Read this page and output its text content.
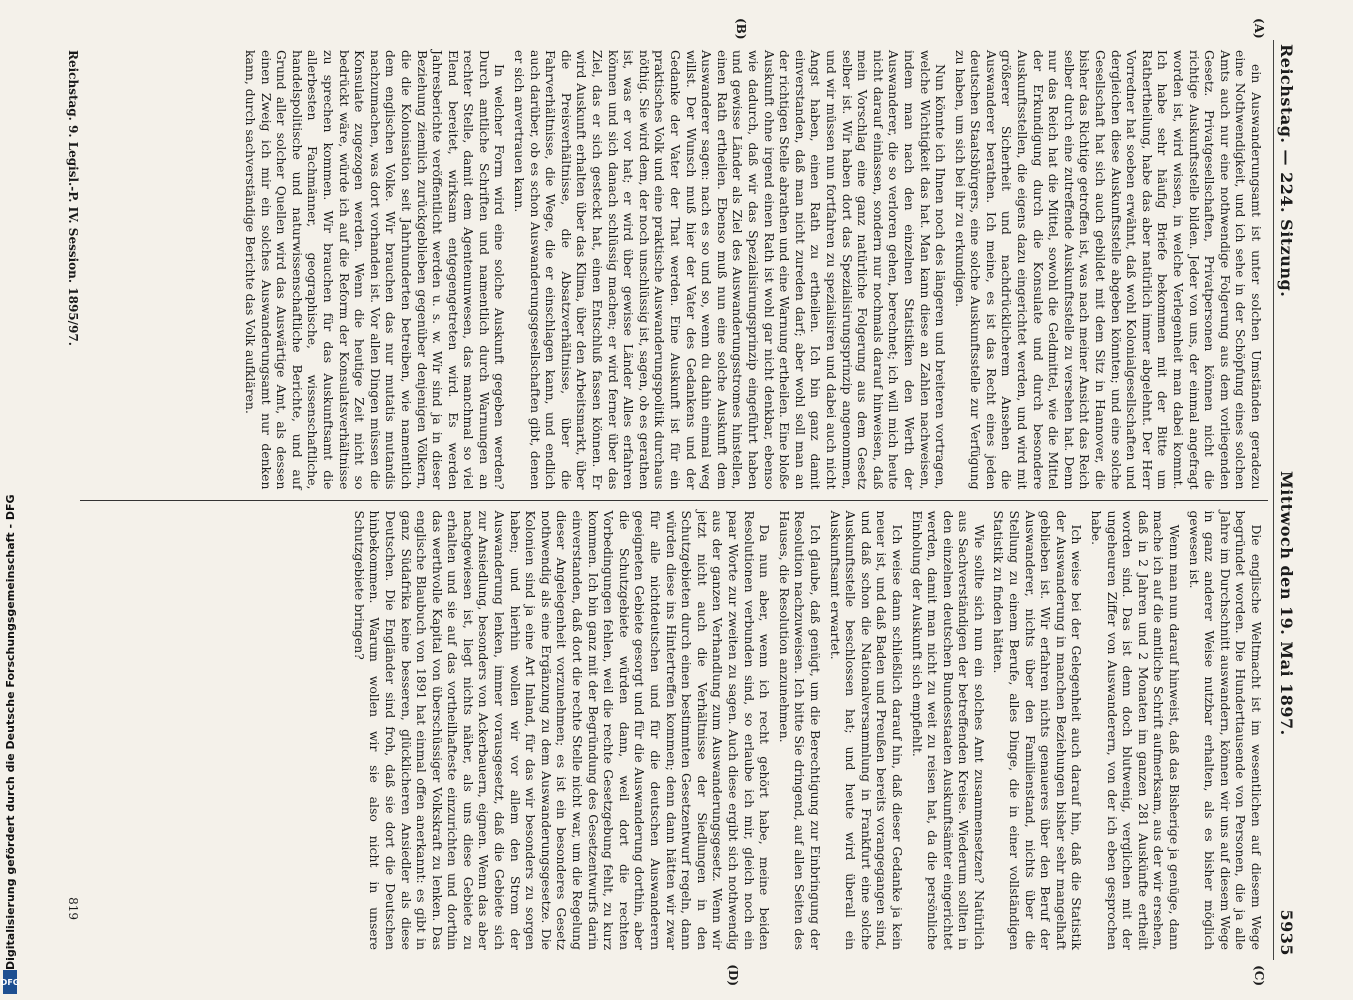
Reichstag. — 224. Sitzung.
Mittwoch den 19. Mai 1897.
5935
(A)
(B)

ein Auswanderungsamt ist unter solchen Umständen geradezu eine Nothwendigkeit, und ich sehe in der Schöpfung eines solchen Amts auch nur eine nothwendige Folgerung aus dem vorliegenden Gesetz. Privatgesellschaften, Privatpersonen können nicht die richtige Auskunftsstelle bilden. Jeder von uns, der einmal angefragt worden ist, wird wissen, in welche Verlegenheit man dabei kommt. Ich habe sehr häufig Briefe bekommen mit der Bitte um Rathertheilung, habe das aber natürlich immer abgelehnt. Der Herr Vorredner hat soeben erwähnt, daß wohl Kolonialgesellschaften und dergleichen diese Auskunftsstelle abgeben könnten; und eine solche Gesellschaft hat sich auch gebildet mit dem Sitz in Hannover, die bisher das Richtige getroffen ist, was nach meiner Ansicht das Reich selber durch eine zutreffende Auskunftsstelle zu versehen hat. Denn nur das Reich hat die Mittel, sowohl die Geldmittel, wie die Mittel der Erkundigung durch die Konsulate und durch besondere Auskunftsstellen, die eigens dazu eingerichtet werden, und wird mit größerer Sicherheit und nachdrücklicherem Ansehen die Auswanderer berathen. Ich meine, es ist das Recht eines jeden deutschen Staatsbürgers, eine solche Auskunftsstelle zur Verfügung zu haben, um sich bei ihr zu erkundigen.

Nun könnte ich Ihnen noch des längeren und breiteren vortragen, welche Wichtigkeit das hat. Man kann diese an Zahlen nachweisen, indem man nach den einzelnen Statistiken den Werth der Auswanderer, die so verloren gehen, berechnet; ich will mich heute nicht darauf einlassen, sondern nur nochmals darauf hinweisen, daß mein Vorschlag eine ganz natürliche Folgerung aus dem Gesetz selber ist. Wir haben dort das Spezialisirungsprinzip angenommen, und wir müssen nun fortfahren zu spezialisiren und dabei auch nicht Angst haben, einen Rath zu ertheilen. Ich bin ganz damit einverstanden, daß man nicht zureden darf; aber wohl soll man an der richtigen Stelle abrathen und eine Warnung ertheilen. Eine bloße Auskunft ohne irgend einen Rath ist wohl gar nicht denkbar, ebenso wie dadurch, daß wir das Spezialisirungsprinzip eingeführt haben und gewisse Länder als Ziel des Auswanderungsstromes hinstellen, einen Rath ertheilen. Ebenso muß nun eine solche Auskunft dem Auswanderer sagen: nach es so und so, wenn du dahin einmal weg willst. Der Wunsch muß hier der Vater des Gedankens und der Gedanke der Vater der That werden. Eine Auskunft ist für ein praktisches Volk und eine praktische Auswanderungspolitik durchaus nöthig. Sie wird dem, der noch unschlüssig ist, sagen, ob es gerathen ist, was er vor hat; er wird über gewisse Länder Alles erfahren können und sich danach schlüssig machen; er wird ferner über das Ziel, das er sich gesteckt hat, einen Entschluß fassen können. Er wird Auskunft erhalten über das Klima, über den Arbeitsmarkt, über die Preisverhältnisse, die Absatzverhältnisse, über die Fahrverhältnisse, die Wege, die er einschlagen kann, und endlich auch darüber, ob es schon Auswanderungsgesellschaften gibt, denen er sich anvertrauen kann.

In welcher Form wird eine solche Auskunft gegeben werden? Durch amtliche Schriften und namentlich durch Warnungen an rechter Stelle, damit dem Agentenunwesen, das manchmal so viel Elend bereitet, wirksam entgegengetreten wird. Es werden Jahresberichte veröffentlicht werden u. s. w. Wir sind ja in dieser Beziehung ziemlich zurückgeblieben gegenüber denjenigen Völkern, die die Kolonisation seit Jahrhunderten betreiben, wie namentlich dem englischen Volke. Wir brauchen das nur mutatis mutandis nachzumachen, was dort vorhanden ist. Vor allen Dingen müssen die Konsulate zugezogen werden. Wenn die heutige Zeit nicht so bedrückt wäre, würde ich auf die Reform der Konsulatsverhältnisse zu sprechen kommen. Wir brauchen für das Auskunftsamt die allerbesten Fachmänner, geographische, wissenschaftliche, handelspolitische und naturwissenschaftliche Berichte, und auf Grund aller solcher Quellen wird das Auswärtige Amt, als dessen einen Zweig ich mir ein solches Auswanderungsamt nur denken kann, durch sachverständige Berichte das Volk aufklären.

Die englische Weltmacht ist im wesentlichen auf diesem Wege begründet worden. Die Hunderttausende von Personen, die ja alle Jahre im Durchschnitt auswandern, können wir uns auf diesem Wege in ganz anderer Weise nutzbar erhalten, als es bisher möglich gewesen ist.

Wenn man nun darauf hinweist, daß das Bisherige ja genüge, dann mache ich auf die amtliche Schrift aufmerksam, aus der wir ersehen, daß in 2 Jahren und 2 Monaten im ganzen 281 Auskünfte ertheilt worden sind. Das ist denn doch blutwenig, verglichen mit der ungeheuren Ziffer von Auswanderern, von der ich eben gesprochen habe.

Ich weise bei der Gelegenheit auch darauf hin, daß die Statistik der Auswanderung in manchen Beziehungen bisher sehr mangelhaft geblieben ist. Wir erfahren nichts genaueres über den Beruf der Auswanderer, nichts über den Familienstand, nichts über die Stellung zu einem Berufe, alles Dinge, die in einer vollständigen Statistik zu finden hätten.

Wie sollte sich nun ein solches Amt zusammensetzen? Natürlich aus Sachverständigen der betreffenden Kreise. Wiederum sollten in den einzelnen deutschen Bundesstaaten Auskunftsämter eingerichtet werden, damit man nicht zu weit zu reisen hat, da die persönliche Einholung der Auskunft sich empfiehlt.

Ich weise dann schließlich darauf hin, daß dieser Gedanke ja kein neuer ist, und daß Baden und Preußen bereits vorangegangen sind, und daß schon die Nationalversammlung in Frankfurt eine solche Auskunftsstelle beschlossen hat; und heute wird überall ein Auskunftsamt erwartet.

Ich glaube, daß genügt, um die Berechtigung zur Einbringung der Resolution nachzuweisen. Ich bitte Sie dringend, auf allen Seiten des Hauses, die Resolution anzunehmen.

Da nun aber, wenn ich recht gehört habe, meine beiden Resolutionen verbunden sind, so erlaube ich mir, gleich noch ein paar Worte zur zweiten zu sagen. Auch diese ergibt sich nothwendig aus der ganzen Verhandlung zum Auswanderungsgesetz. Wenn wir jetzt nicht auch die Verhältnisse der Siedlungen in den Schutzgebieten durch einen bestimmten Gesetzentwurf regeln, dann würden diese ins Hintertreffen kommen; denn dann hätten wir zwar für alle nichtdeutschen und für die deutschen Auswanderern geeigneten Gebiete gesorgt und für die Auswanderung dorthin, aber die Schutzgebiete würden dann, weil dort die rechten Vorbedingungen fehlen, weil die rechte Gesetzgebung fehlt, zu kurz kommen. Ich bin ganz mit der Begründung des Gesetzentwurfs darin einverstanden, daß dort die rechte Stelle nicht war, um die Regelung dieser Angelegenheit vorzunehmen; es ist ein besonderes Gesetz nothwendig als eine Ergänzung zu dem Auswanderungsgesetze. Die Kolonien sind ja eine Art Inland, für das wir besonders zu sorgen haben; und hierhin wollen wir vor allem den Strom der Auswanderung lenken, immer vorausgesetzt, daß die Gebiete sich zur Ansiedlung, besonders von Ackerbauern, eignen. Wenn das aber nachgewiesen ist, liegt nichts näher, als uns diese Gebiete zu erhalten und sie auf das vortheilhafteste einzurichten und dorthin das werthvolle Kapital von überschüssiger Volkskraft zu lenken. Das englische Blaubuch von 1891 hat einmal offen anerkannt: es gibt in ganz Südafrika keine besseren, glücklicheren Ansiedler als diese Deutschen. Die Engländer sind froh, daß sie dort die Deutschen hinbekommen. Warum wollen wir sie also nicht in unsere Schutzgebiete bringen?

(C)
(D)
Reichstag. 9. Legisl.-P. IV. Session. 1895/97.
819
Digitalisierung gefördert durch die Deutsche Forschungsgemeinschaft - DFG
DFG
